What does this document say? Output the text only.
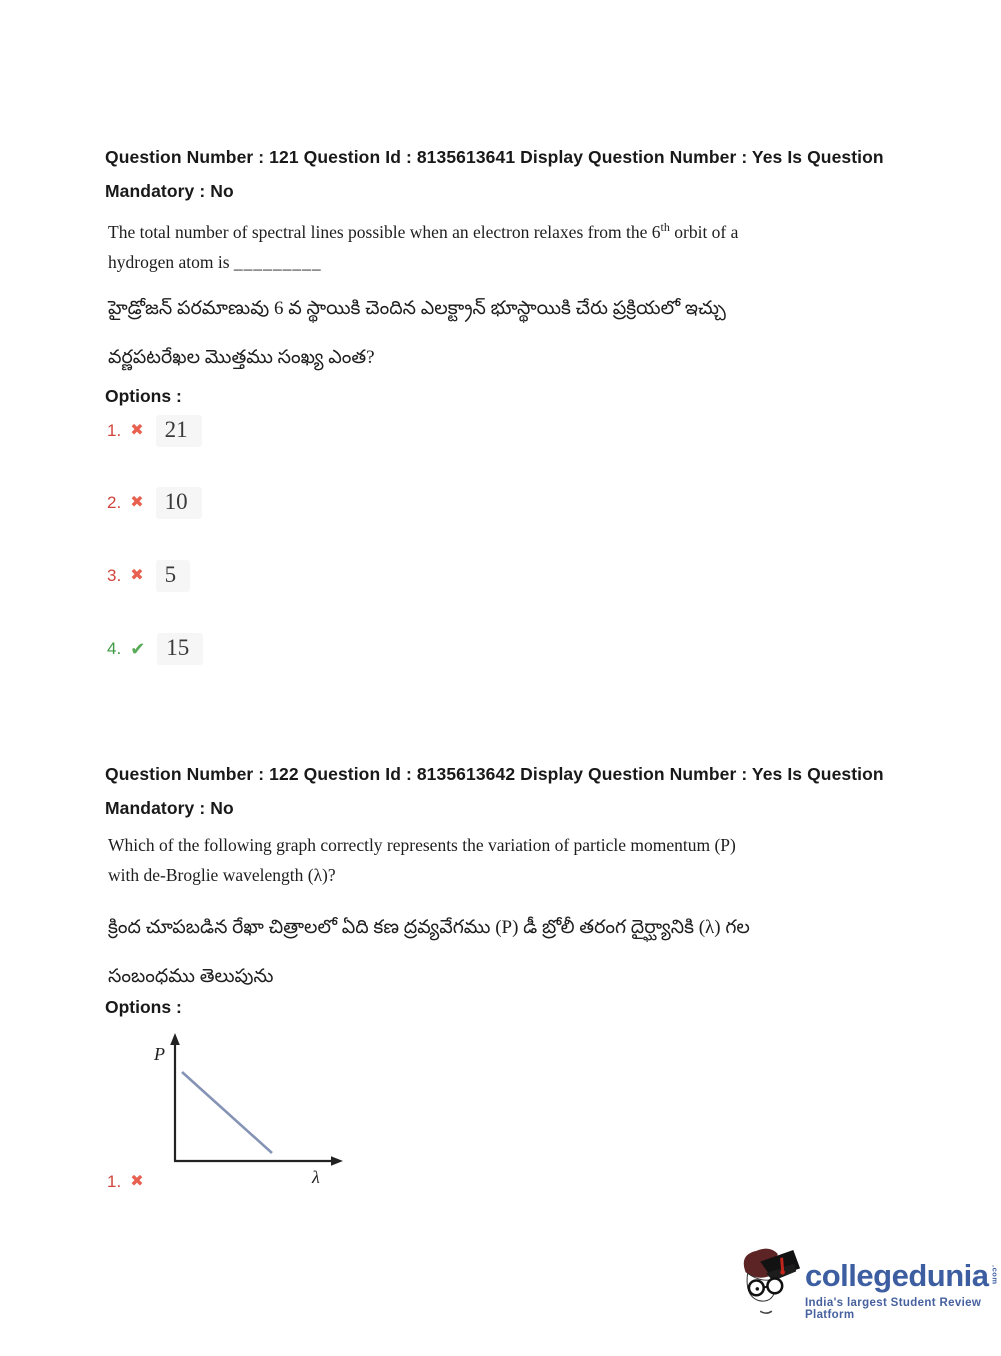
Question Number : 121 Question Id : 8135613641 Display Question Number : Yes Is Question
Mandatory : No
The total number of spectral lines possible when an electron relaxes from the 6th orbit of a hydrogen atom is _________
హైడ్రోజన్ పరమాణువు 6 వ స్థాయికి చెందిన ఎలక్ట్రాన్ భూస్థాయికి చేరు ప్రక్రియలో ఇచ్చు వర్ణపటరేఖల మొత్తము సంఖ్య ఎంత?
Options :
1. ✖ 21
2. ✖ 10
3. ✖ 5
4. ✔ 15
Question Number : 122 Question Id : 8135613642 Display Question Number : Yes Is Question
Mandatory : No
Which of the following graph correctly represents the variation of particle momentum (P) with de-Broglie wavelength (λ)?
క్రింద చూపబడిన రేఖా చిత్రాలలో ఏది కణ ద్రవ్యవేగము (P) డీ బ్రోలీ తరంగ దైర్ఘ్యానికి (λ) గల సంబంధము తెలుపును
Options :
P
λ
1. ✖
collegedunia .com
India's largest Student Review Platform
